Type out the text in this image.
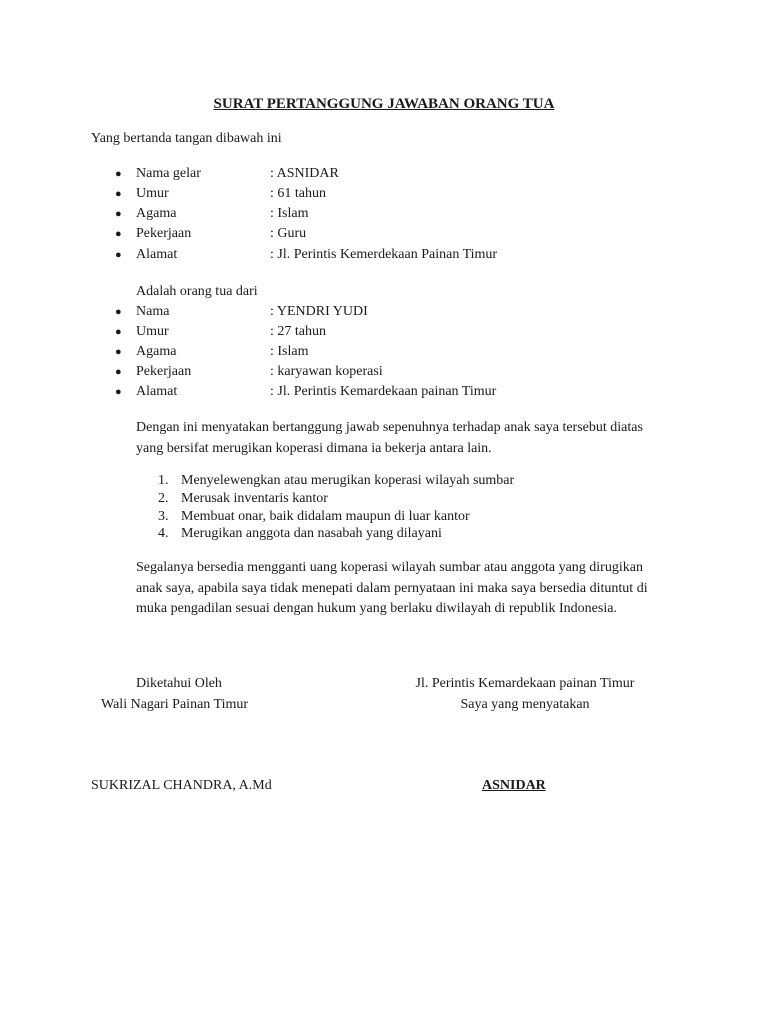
SURAT PERTANGGUNG JAWABAN ORANG TUA
Yang bertanda tangan dibawah ini
● Nama gelar	: ASNIDAR
● Umur	: 61 tahun
● Agama	: Islam
● Pekerjaan	: Guru
● Alamat	: Jl. Perintis Kemerdekaan Painan Timur
Adalah orang tua dari
● Nama	: YENDRI YUDI
● Umur	: 27 tahun
● Agama	: Islam
● Pekerjaan	: karyawan koperasi
● Alamat	: Jl. Perintis Kemardekaan painan Timur
Dengan ini menyatakan bertanggung jawab sepenuhnya terhadap anak saya tersebut diatas yang bersifat merugikan koperasi dimana ia bekerja antara lain.
1. Menyelewengkan atau merugikan koperasi wilayah sumbar
2. Merusak inventaris kantor
3. Membuat onar, baik didalam maupun di luar kantor
4. Merugikan anggota dan nasabah yang dilayani
Segalanya bersedia mengganti uang koperasi wilayah sumbar atau anggota yang dirugikan anak saya, apabila saya tidak menepati dalam pernyataan ini maka saya bersedia dituntut di muka pengadilan sesuai dengan hukum yang berlaku diwilayah di republik Indonesia.
Diketahui Oleh
Wali Nagari Painan Timur
SUKRIZAL CHANDRA, A.Md
Jl. Perintis Kemardekaan painan Timur
Saya yang menyatakan
ASNIDAR
